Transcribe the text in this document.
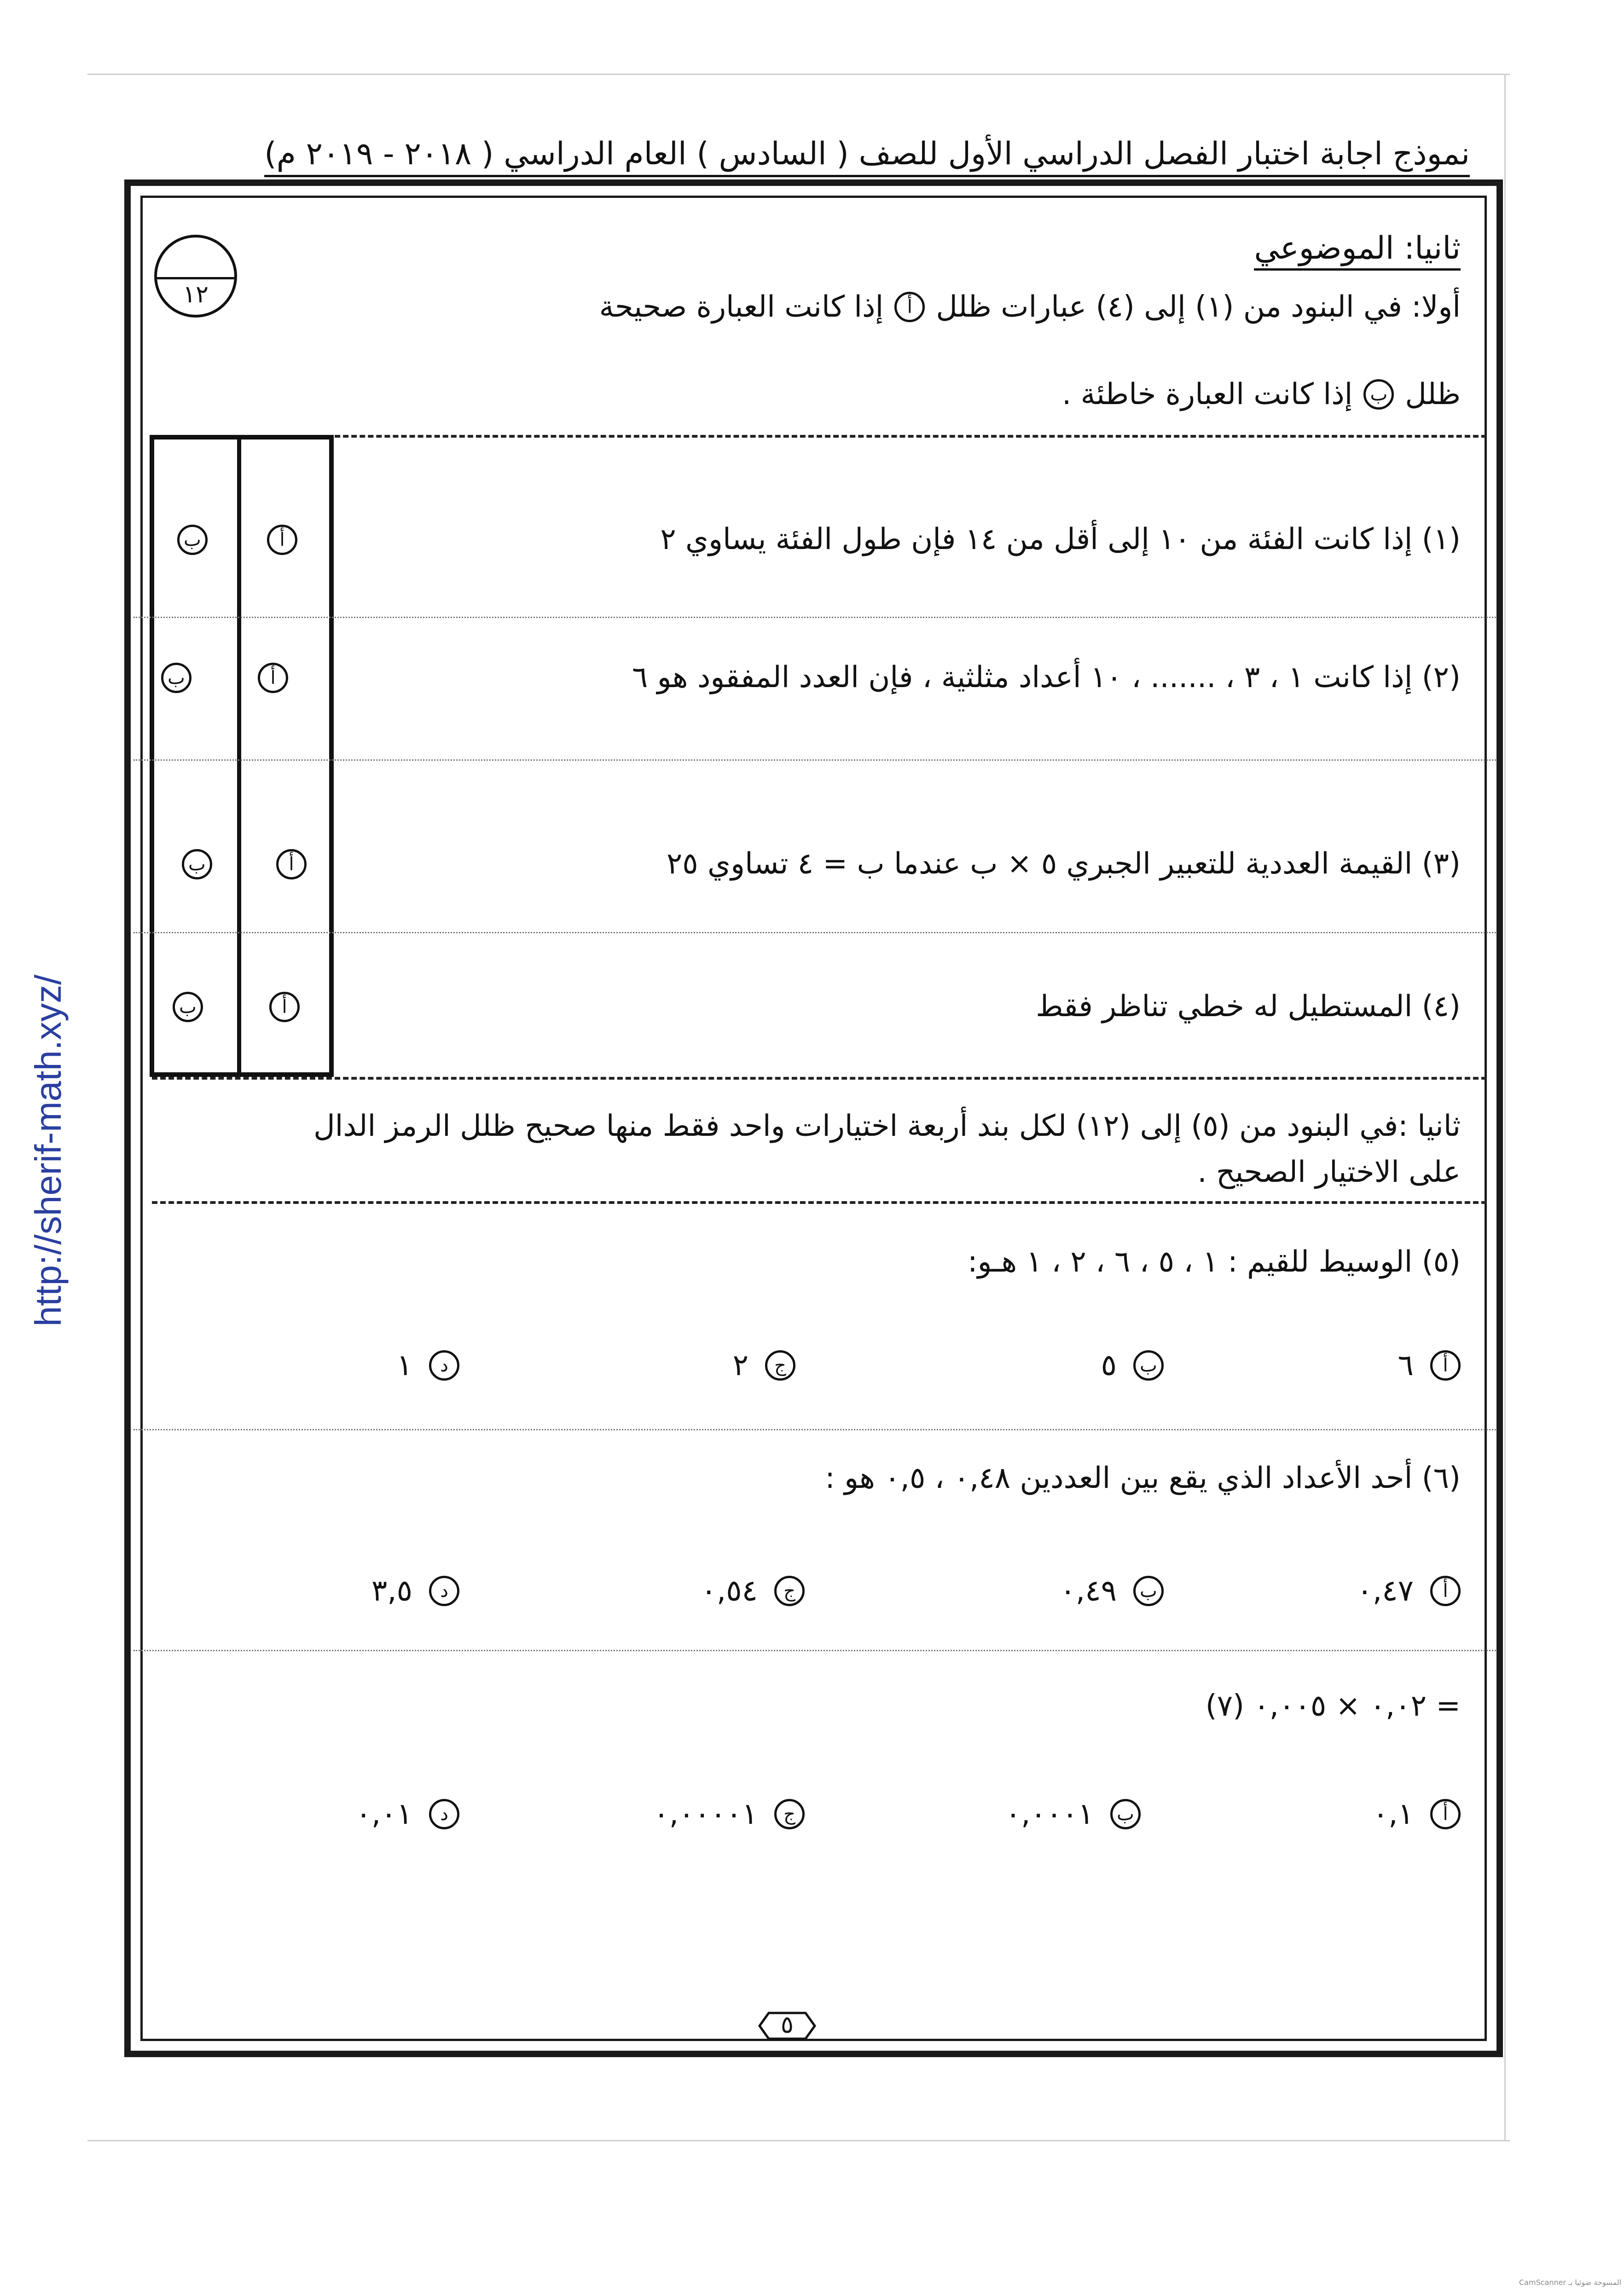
نموذج اجابة اختبار الفصل الدراسي الأول للصف ( السادس ) العام الدراسي ( ٢٠١٨ - ٢٠١٩ م)
١٢
ثانيا: الموضوعي
أولا: في البنود من (١) إلى (٤) عبارات ظلل
أ
إذا كانت العبارة صحيحة
ظلل
ب
إذا كانت العبارة خاطئة .
(١) إذا كانت الفئة من ١٠ إلى أقل من ١٤ فإن طول الفئة يساوي ٢
أ
ب
(٢) إذا كانت ١ ، ٣ ، ....... ، ١٠ أعداد مثلثية ، فإن العدد المفقود هو ٦
أ
ب
(٣) القيمة العددية للتعبير الجبري ٥ × ب عندما ب = ٤ تساوي ٢٥
أ
ب
(٤) المستطيل له خطي تناظر فقط
أ
ب
ثانيا :في البنود من (٥) إلى (١٢) لكل بند أربعة اختيارات واحد فقط منها صحيح ظلل الرمز الدال
على الاختيار الصحيح .
(٥) الوسيط للقيم : ١ ، ٥ ، ٦ ، ٢ ، ١ هـو:
أ
٦
ب
٥
ج
٢
د
١
(٦) أحد الأعداد الذي يقع بين العددين ٠,٤٨ ، ٠,٥ هو :
أ
٠,٤٧
ب
٠,٤٩
ج
٠,٥٤
د
٣,٥
(٧) ٠,٠٢ × ٠,٠٠٥ =
أ
٠,١
ب
٠,٠٠٠١
ج
٠,٠٠٠٠١
د
٠,٠١
٥
http://sherif-math.xyz/
CamScanner المسوحة ضوئيا بـ
